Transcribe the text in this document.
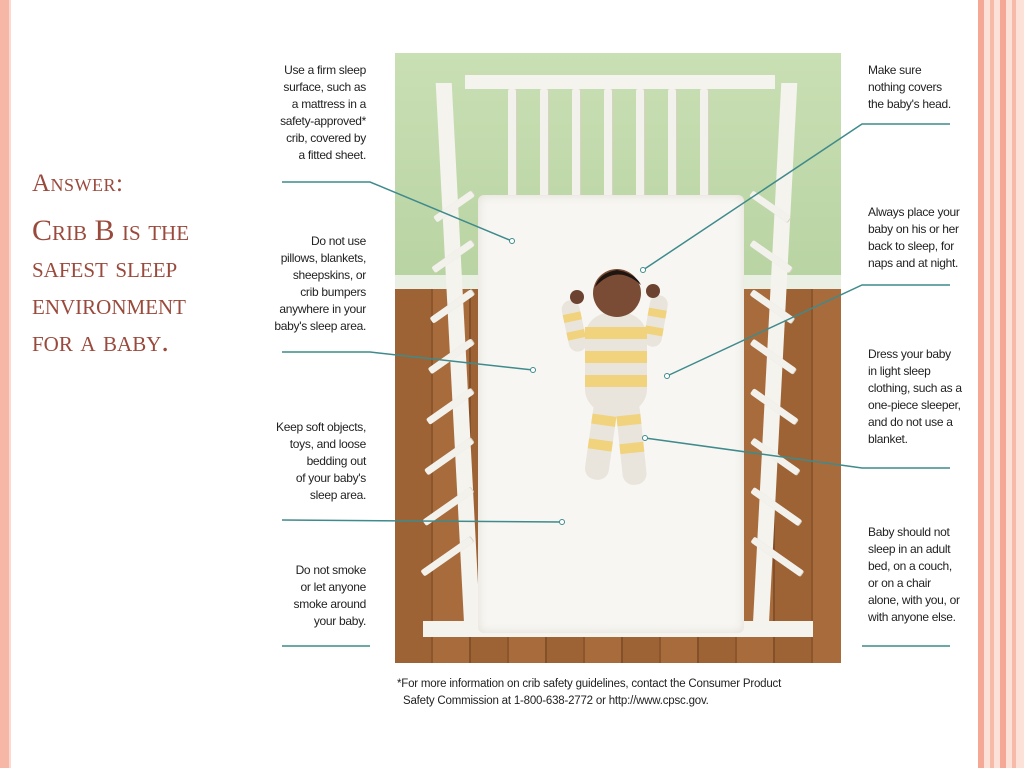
Answer:
Crib B is the
safest sleep
environment
for a baby.
Use a firm sleep
surface, such as
a mattress in a
safety-approved*
crib, covered by
a fitted sheet.
Do not use
pillows, blankets,
sheepskins, or
crib bumpers
anywhere in your
baby's sleep area.
Keep soft objects,
toys, and loose
bedding out
of your baby's
sleep area.
Do not smoke
or let anyone
smoke around
your baby.
Make sure
nothing covers
the baby's head.
Always place your
baby on his or her
back to sleep, for
naps and at night.
Dress your baby
in light sleep
clothing, such as a
one-piece sleeper,
and do not use a
blanket.
Baby should not
sleep in an adult
bed, on a couch,
or on a chair
alone, with you, or
with anyone else.
*For more information on crib safety guidelines, contact the Consumer Product
Safety Commission at 1-800-638-2772 or http://www.cpsc.gov.
